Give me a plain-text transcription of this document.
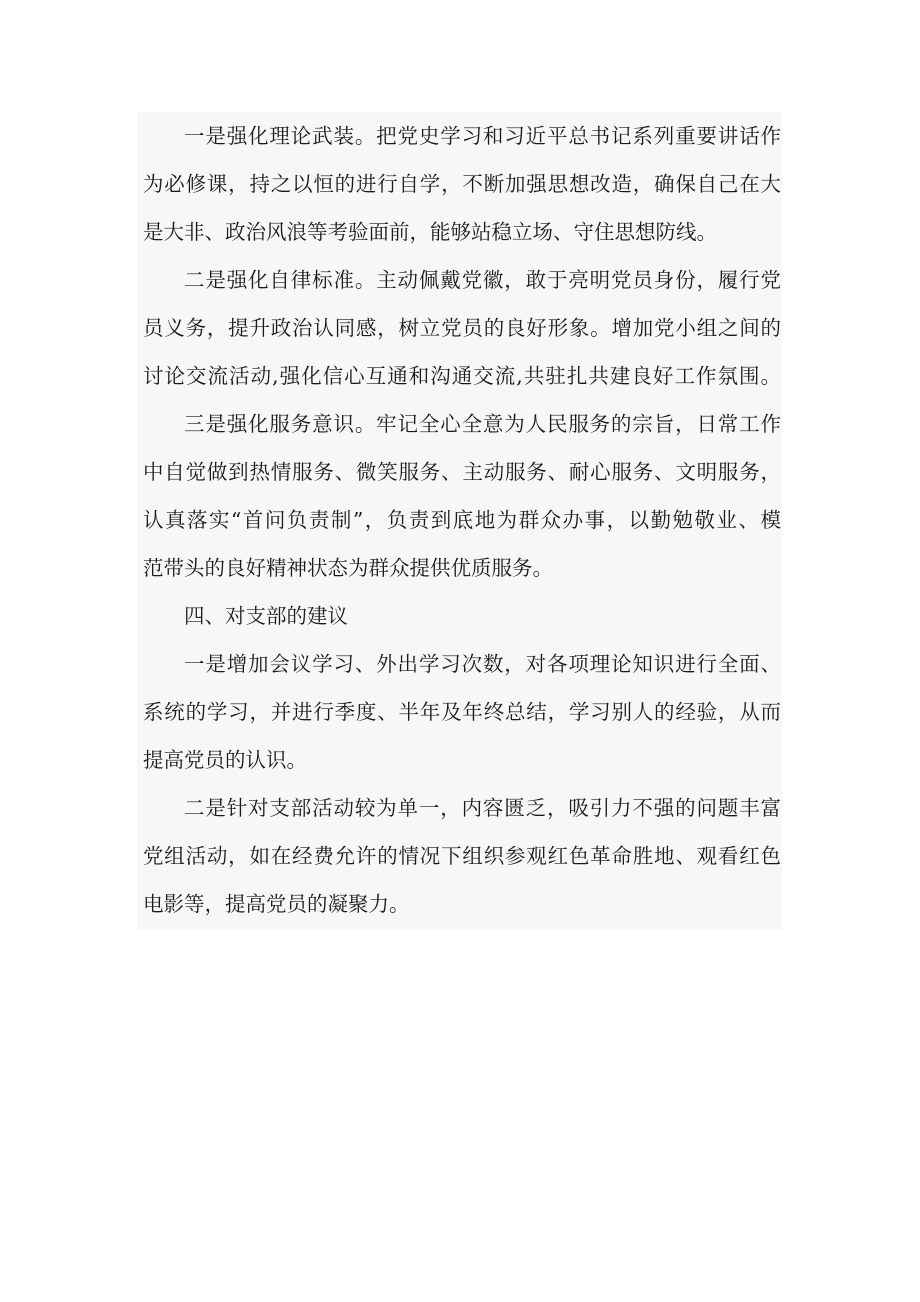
一是强化理论武装。把党史学习和习近平总书记系列重要讲话作
为必修课，持之以恒的进行自学，不断加强思想改造，确保自己在大
是大非、政治风浪等考验面前，能够站稳立场、守住思想防线。
二是强化自律标准。主动佩戴党徽，敢于亮明党员身份，履行党
员义务，提升政治认同感，树立党员的良好形象。增加党小组之间的
讨论交流活动,强化信心互通和沟通交流,共驻扎共建良好工作氛围。
三是强化服务意识。牢记全心全意为人民服务的宗旨，日常工作
中自觉做到热情服务、微笑服务、主动服务、耐心服务、文明服务，
认真落实“首问负责制”，负责到底地为群众办事，以勤勉敬业、模
范带头的良好精神状态为群众提供优质服务。
四、对支部的建议
一是增加会议学习、外出学习次数，对各项理论知识进行全面、
系统的学习，并进行季度、半年及年终总结，学习别人的经验，从而
提高党员的认识。
二是针对支部活动较为单一，内容匮乏，吸引力不强的问题丰富
党组活动，如在经费允许的情况下组织参观红色革命胜地、观看红色
电影等，提高党员的凝聚力。
